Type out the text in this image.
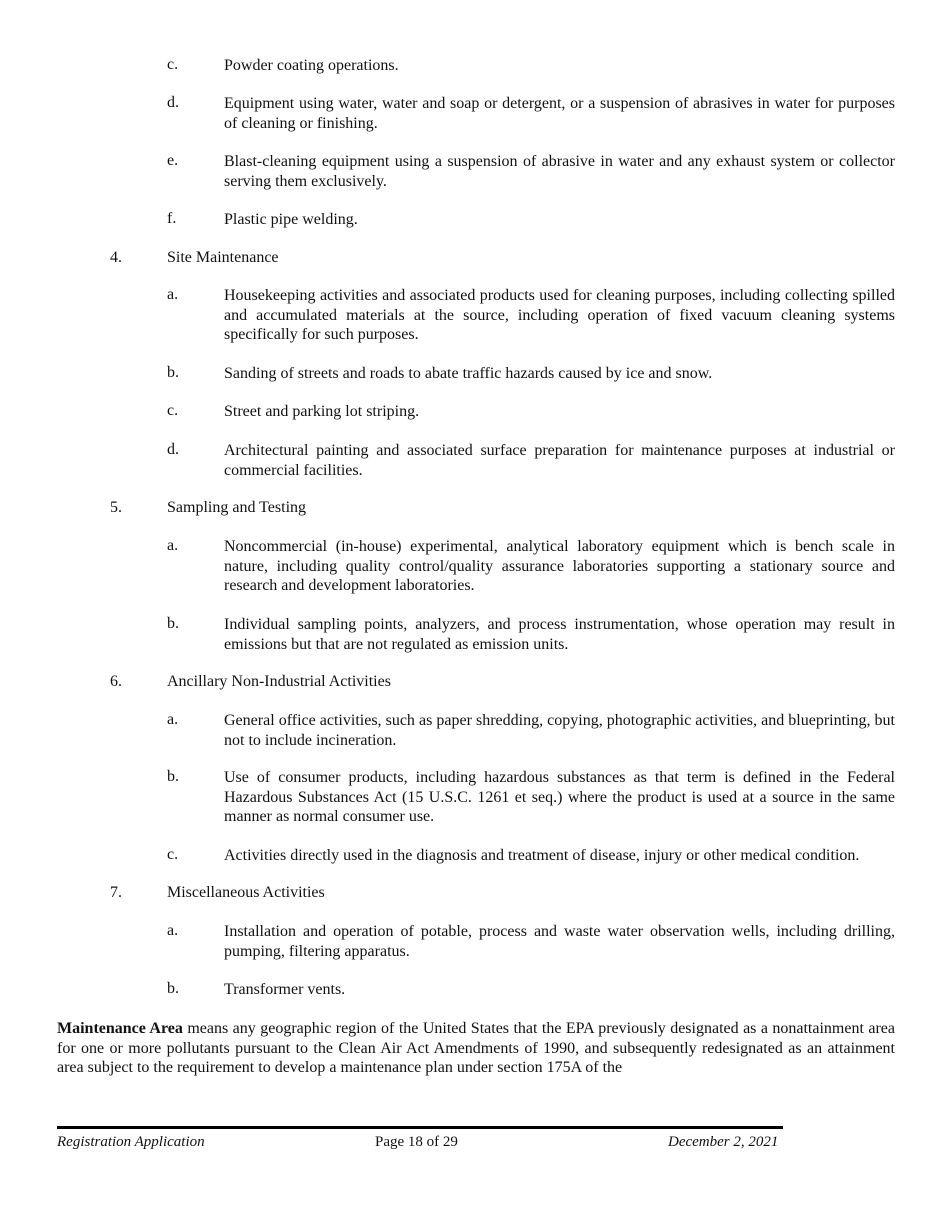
c.	Powder coating operations.
d.	Equipment using water, water and soap or detergent, or a suspension of abrasives in water for purposes of cleaning or finishing.
e.	Blast-cleaning equipment using a suspension of abrasive in water and any exhaust system or collector serving them exclusively.
f.	Plastic pipe welding.
4.	Site Maintenance
a.	Housekeeping activities and associated products used for cleaning purposes, including collecting spilled and accumulated materials at the source, including operation of fixed vacuum cleaning systems specifically for such purposes.
b.	Sanding of streets and roads to abate traffic hazards caused by ice and snow.
c.	Street and parking lot striping.
d.	Architectural painting and associated surface preparation for maintenance purposes at industrial or commercial facilities.
5.	Sampling and Testing
a.	Noncommercial (in-house) experimental, analytical laboratory equipment which is bench scale in nature, including quality control/quality assurance laboratories supporting a stationary source and research and development laboratories.
b.	Individual sampling points, analyzers, and process instrumentation, whose operation may result in emissions but that are not regulated as emission units.
6.	Ancillary Non-Industrial Activities
a.	General office activities, such as paper shredding, copying, photographic activities, and blueprinting, but not to include incineration.
b.	Use of consumer products, including hazardous substances as that term is defined in the Federal Hazardous Substances Act (15 U.S.C. 1261 et seq.) where the product is used at a source in the same manner as normal consumer use.
c.	Activities directly used in the diagnosis and treatment of disease, injury or other medical condition.
7.	Miscellaneous Activities
a.	Installation and operation of potable, process and waste water observation wells, including drilling, pumping, filtering apparatus.
b.	Transformer vents.
Maintenance Area means any geographic region of the United States that the EPA previously designated as a nonattainment area for one or more pollutants pursuant to the Clean Air Act Amendments of 1990, and subsequently redesignated as an attainment area subject to the requirement to develop a maintenance plan under section 175A of the
Registration Application	Page 18 of 29	December 2, 2021
